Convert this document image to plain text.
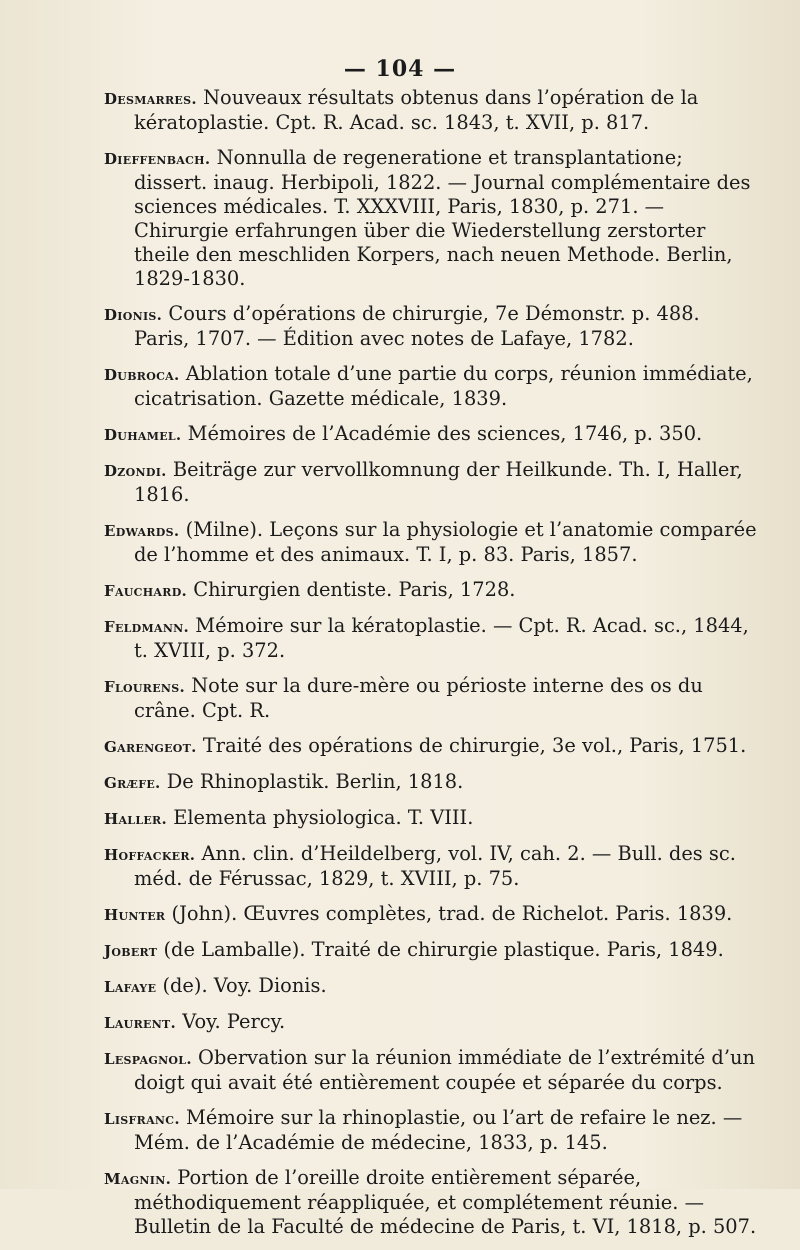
— 104 —
Desmarres. Nouveaux résultats obtenus dans l’opération de la kératoplastie. Cpt. R. Acad. sc. 1843, t. XVII, p. 817.
Dieffenbach. Nonnulla de regeneratione et transplantatione; dissert. inaug. Herbipoli, 1822. — Journal complémentaire des sciences médicales. T. XXXVIII, Paris, 1830, p. 271. — Chirurgie erfahrungen über die Wiederstellung zerstorter theile den meschliden Korpers, nach neuen Methode. Berlin, 1829-1830.
Dionis. Cours d’opérations de chirurgie, 7e Démonstr. p. 488. Paris, 1707. — Édition avec notes de Lafaye, 1782.
Dubroca. Ablation totale d’une partie du corps, réunion immédiate, cicatrisation. Gazette médicale, 1839.
Duhamel. Mémoires de l’Académie des sciences, 1746, p. 350.
Dzondi. Beiträge zur vervollkomnung der Heilkunde. Th. I, Haller, 1816.
Edwards. (Milne). Leçons sur la physiologie et l’anatomie comparée de l’homme et des animaux. T. I, p. 83. Paris, 1857.
Fauchard. Chirurgien dentiste. Paris, 1728.
Feldmann. Mémoire sur la kératoplastie. — Cpt. R. Acad. sc., 1844, t. XVIII, p. 372.
Flourens. Note sur la dure-mère ou périoste interne des os du crâne. Cpt. R.
Garengeot. Traité des opérations de chirurgie, 3e vol., Paris, 1751.
Græfe. De Rhinoplastik. Berlin, 1818.
Haller. Elementa physiologica. T. VIII.
Hoffacker. Ann. clin. d’Heildelberg, vol. IV, cah. 2. — Bull. des sc. méd. de Férussac, 1829, t. XVIII, p. 75.
Hunter (John). Œuvres complètes, trad. de Richelot. Paris. 1839.
Jobert (de Lamballe). Traité de chirurgie plastique. Paris, 1849.
Lafaye (de). Voy. Dionis.
Laurent. Voy. Percy.
Lespagnol. Obervation sur la réunion immédiate de l’extrémité d’un doigt qui avait été entièrement coupée et séparée du corps.
Lisfranc. Mémoire sur la rhinoplastie, ou l’art de refaire le nez. — Mém. de l’Académie de médecine, 1833, p. 145.
Magnin. Portion de l’oreille droite entièrement séparée, méthodiquement réappliquée, et complétement réunie. — Bulletin de la Faculté de médecine de Paris, t. VI, 1818, p. 507.
